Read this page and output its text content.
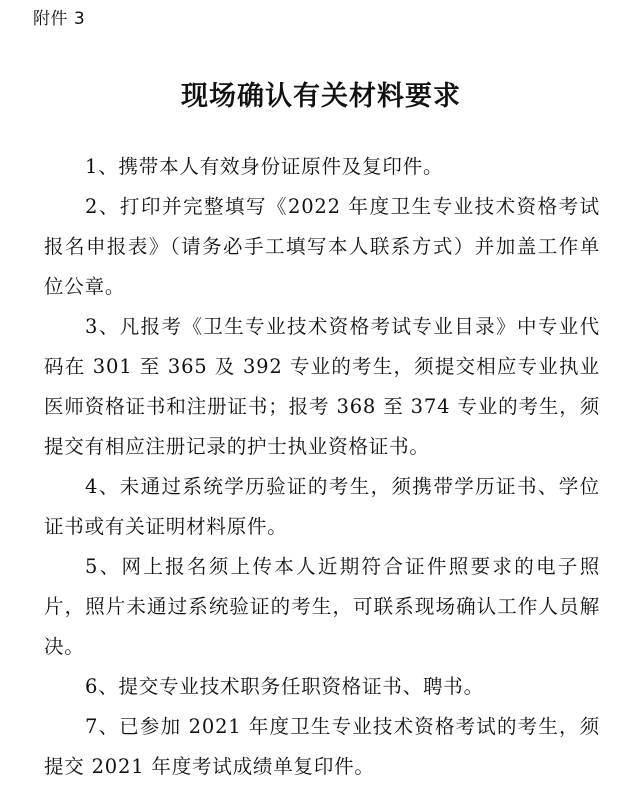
附件 3
现场确认有关材料要求

1、携带本人有效身份证原件及复印件。

2、打印并完整填写《2022 年度卫生专业技术资格考试报名申报表》（请务必手工填写本人联系方式）并加盖工作单位公章。

3、凡报考《卫生专业技术资格考试专业目录》中专业代码在 301 至 365 及 392 专业的考生，须提交相应专业执业医师资格证书和注册证书；报考 368 至 374 专业的考生，须提交有相应注册记录的护士执业资格证书。

4、未通过系统学历验证的考生，须携带学历证书、学位证书或有关证明材料原件。

5、网上报名须上传本人近期符合证件照要求的电子照片，照片未通过系统验证的考生，可联系现场确认工作人员解决。

6、提交专业技术职务任职资格证书、聘书。

7、已参加 2021 年度卫生专业技术资格考试的考生，须提交 2021 年度考试成绩单复印件。
